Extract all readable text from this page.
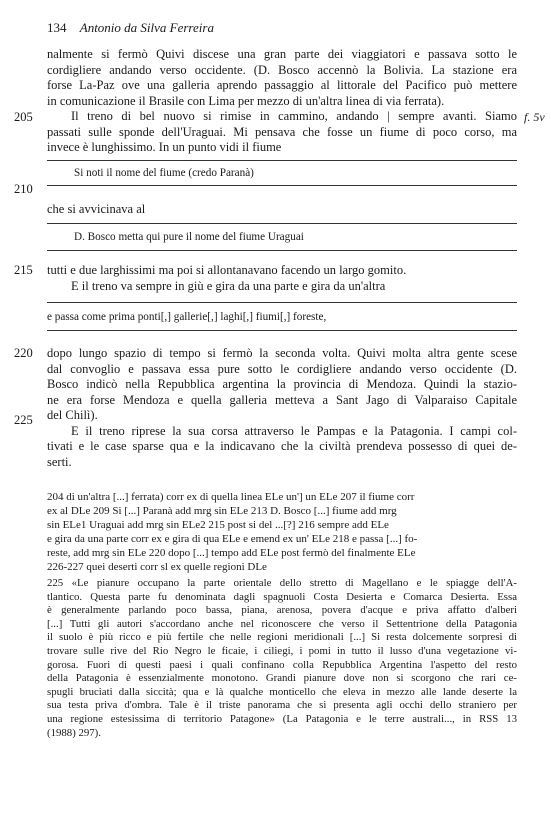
134 Antonio da Silva Ferreira
205
210
215
220
225
f. 5v
nalmente si fermò Quivi discese una gran parte dei viaggiatori e passava sotto le
cordigliere andando verso occidente. (D. Bosco accennò la Bolivia. La stazione era
forse La-Paz ove una galleria aprendo passaggio al littorale del Pacifico può mettere
in comunicazione il Brasile con Lima per mezzo di un'altra linea di via ferrata).
Il treno di bel nuovo si rimise in cammino, andando | sempre avanti. Siamo
passati sulle sponde dell'Uraguai. Mi pensava che fosse un fiume di poco corso, ma
invece è lunghissimo. In un punto vidi il fiume
Si noti il nome del fiume (credo Paranà)
che si avvicinava al
D. Bosco metta qui pure il nome del fiume Uraguai
tutti e due larghissimi ma poi si allontanavano facendo un largo gomito.
E il treno va sempre in giù e gira da una parte e gira da un'altra
e passa come prima ponti[,] gallerie[,] laghi[,] fiumi[,] foreste,
dopo lungo spazio di tempo si fermò la seconda volta. Quivi molta altra gente scese
dal convoglio e passava essa pure sotto le cordigliere andando verso occidente (D.
Bosco indicò nella Repubblica argentina la provincia di Mendoza. Quindi la stazio-
ne era forse Mendoza e quella galleria metteva a Sant Jago di Valparaiso Capitale
del Chilì).
E il treno riprese la sua corsa attraverso le Pampas e la Patagonia. I campi col-
tivati e le case sparse qua e la indicavano che la civiltà prendeva possesso di quei de-
serti.
204 di un'altra [...] ferrata) corr ex di quella linea ELe un'] un ELe 207 il fiume corr
ex al DLe 209 Si [...] Paranà add mrg sin ELe 213 D. Bosco [...] fiume add mrg
sin ELe1 Uraguai add mrg sin ELe2 215 post si del ...[?] 216 sempre add ELe
e gira da una parte corr ex e gira di qua ELe e emend ex un' ELe 218 e passa [...] fo-
reste, add mrg sin ELe 220 dopo [...] tempo add ELe post fermò del finalmente ELe
226-227 quei deserti corr sl ex quelle regioni DLe
225 «Le pianure occupano la parte orientale dello stretto di Magellano e le spiagge dell'A-
tlantico. Questa parte fu denominata dagli spagnuoli Costa Desierta e Comarca Desierta. Essa
è generalmente parlando poco bassa, piana, arenosa, povera d'acque e priva affatto d'alberi
[...] Tutti gli autori s'accordano anche nel riconoscere che verso il Settentrione della Patagonia
il suolo è più ricco e più fertile che nelle regioni meridionali [...] Si resta dolcemente sorpresi di
trovare sulle rive del Rio Negro le ficaie, i ciliegi, i pomi in tutto il lusso d'una vegetazione vi-
gorosa. Fuori di questi paesi i quali confinano colla Repubblica Argentina l'aspetto del resto
della Patagonia è essenzialmente monotono. Grandi pianure dove non si scorgono che rari ce-
spugli bruciati dalla siccità; qua e là qualche monticello che eleva in mezzo alle lande deserte la
sua testa priva d'ombra. Tale è il triste panorama che si presenta agli occhi dello straniero per
una regione estesissima di territorio Patagone» (La Patagonia e le terre australi..., in RSS 13
(1988) 297).
